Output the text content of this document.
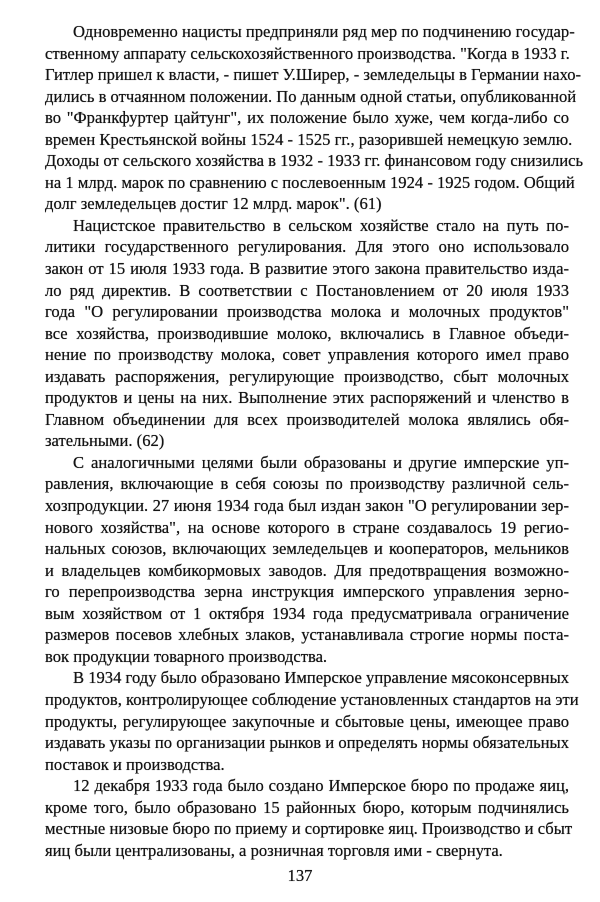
Одновременно нацисты предприняли ряд мер по подчинению государ-
ственному аппарату сельскохозяйственного производства. "Когда в 1933 г.
Гитлер пришел к власти, - пишет У.Ширер, - земледельцы в Германии нахо-
дились в отчаянном положении. По данным одной статьи, опубликованной
во "Франкфуртер цайтунг", их положение было хуже, чем когда-либо со
времен Крестьянской войны 1524 - 1525 гг., разорившей немецкую землю.
Доходы от сельского хозяйства в 1932 - 1933 гг. финансовом году снизились
на 1 млрд. марок по сравнению с послевоенным 1924 - 1925 годом. Общий
долг земледельцев достиг 12 млрд. марок". (61)
Нацистское правительство в сельском хозяйстве стало на путь по-
литики государственного регулирования. Для этого оно использовало
закон от 15 июля 1933 года. В развитие этого закона правительство изда-
ло ряд директив. В соответствии с Постановлением от 20 июля 1933
года "О регулировании производства молока и молочных продуктов"
все хозяйства, производившие молоко, включались в Главное объеди-
нение по производству молока, совет управления которого имел право
издавать распоряжения, регулирующие производство, сбыт молочных
продуктов и цены на них. Выполнение этих распоряжений и членство в
Главном объединении для всех производителей молока являлись обя-
зательными. (62)
С аналогичными целями были образованы и другие имперские уп-
равления, включающие в себя союзы по производству различной сель-
хозпродукции. 27 июня 1934 года был издан закон "О регулировании зер-
нового хозяйства", на основе которого в стране создавалось 19 регио-
нальных союзов, включающих земледельцев и кооператоров, мельников
и владельцев комбикормовых заводов. Для предотвращения возможно-
го перепроизводства зерна инструкция имперского управления зерно-
вым хозяйством от 1 октября 1934 года предусматривала ограничение
размеров посевов хлебных злаков, устанавливала строгие нормы поста-
вок продукции товарного производства.
В 1934 году было образовано Имперское управление мясоконсервных
продуктов, контролирующее соблюдение установленных стандартов на эти
продукты, регулирующее закупочные и сбытовые цены, имеющее право
издавать указы по организации рынков и определять нормы обязательных
поставок и производства.
12 декабря 1933 года было создано Имперское бюро по продаже яиц,
кроме того, было образовано 15 районных бюро, которым подчинялись
местные низовые бюро по приему и сортировке яиц. Производство и сбыт
яиц были централизованы, а розничная торговля ими - свернута.
137
